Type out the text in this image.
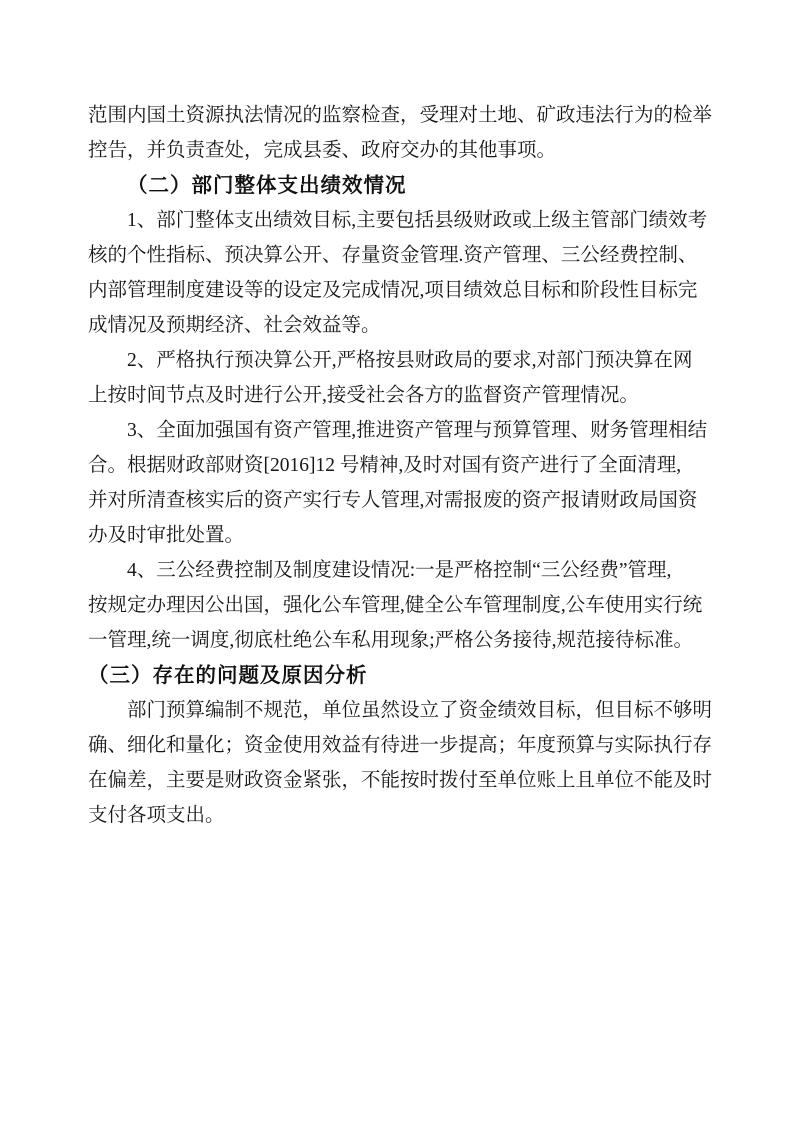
范围内国土资源执法情况的监察检查，受理对土地、矿政违法行为的检举
控告，并负责查处，完成县委、政府交办的其他事项。
（二）部门整体支出绩效情况
1、部门整体支出绩效目标,主要包括县级财政或上级主管部门绩效考
核的个性指标、预决算公开、存量资金管理.资产管理、三公经费控制、
内部管理制度建设等的设定及完成情况,项目绩效总目标和阶段性目标完
成情况及预期经济、社会效益等。
2、严格执行预决算公开,严格按县财政局的要求,对部门预决算在网
上按时间节点及时进行公开,接受社会各方的监督资产管理情况。
3、全面加强国有资产管理,推进资产管理与预算管理、财务管理相结
合。根据财政部财资[2016]12 号精神,及时对国有资产进行了全面清理,
并对所清查核实后的资产实行专人管理,对需报废的资产报请财政局国资
办及时审批处置。
4、三公经费控制及制度建设情况:一是严格控制“三公经费”管理,
按规定办理因公出国，强化公车管理,健全公车管理制度,公车使用实行统
一管理,统一调度,彻底杜绝公车私用现象;严格公务接待,规范接待标准。
（三）存在的问题及原因分析
部门预算编制不规范，单位虽然设立了资金绩效目标，但目标不够明
确、细化和量化；资金使用效益有待进一步提高；年度预算与实际执行存
在偏差，主要是财政资金紧张，不能按时拨付至单位账上且单位不能及时
支付各项支出。
